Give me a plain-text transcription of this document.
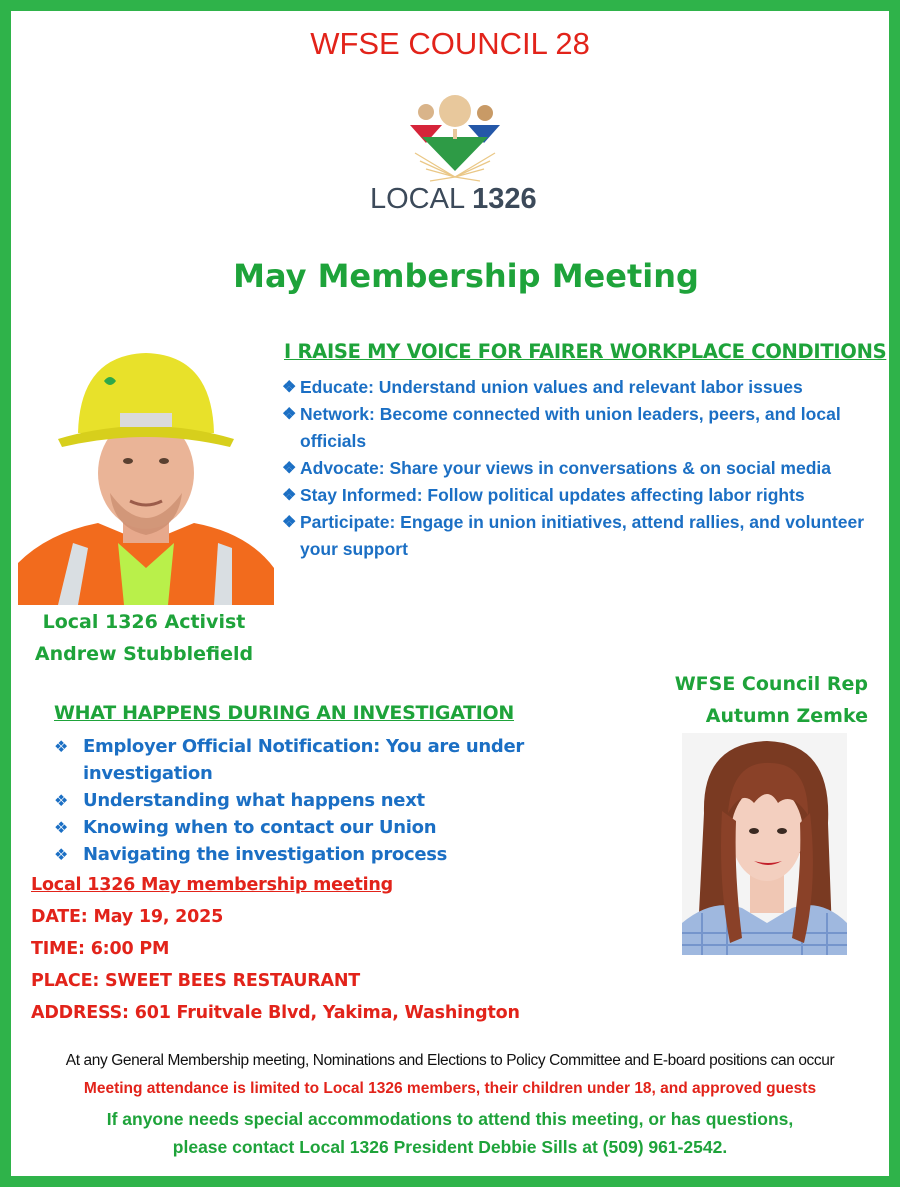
WFSE COUNCIL 28
LOCAL 1326
May Membership Meeting
Local 1326 Activist
Andrew Stubblefield
I RAISE MY VOICE FOR FAIRER WORKPLACE CONDITIONS
❖ Educate: Understand union values and relevant labor issues
❖ Network: Become connected with union leaders, peers, and local officials
❖ Advocate: Share your views in conversations & on social media
❖ Stay Informed: Follow political updates affecting labor rights
❖ Participate: Engage in union initiatives, attend rallies, and volunteer your support
WFSE Council Rep
Autumn Zemke
WHAT HAPPENS DURING AN INVESTIGATION
❖ Employer Official Notification: You are under investigation
❖ Understanding what happens next
❖ Knowing when to contact our Union
❖ Navigating the investigation process
Local 1326 May membership meeting
DATE: May 19, 2025
TIME: 6:00 PM
PLACE: SWEET BEES RESTAURANT
ADDRESS: 601 Fruitvale Blvd, Yakima, Washington
At any General Membership meeting, Nominations and Elections to Policy Committee and E-board positions can occur
Meeting attendance is limited to Local 1326 members, their children under 18, and approved guests
If anyone needs special accommodations to attend this meeting, or has questions,
please contact Local 1326 President Debbie Sills at (509) 961-2542.
